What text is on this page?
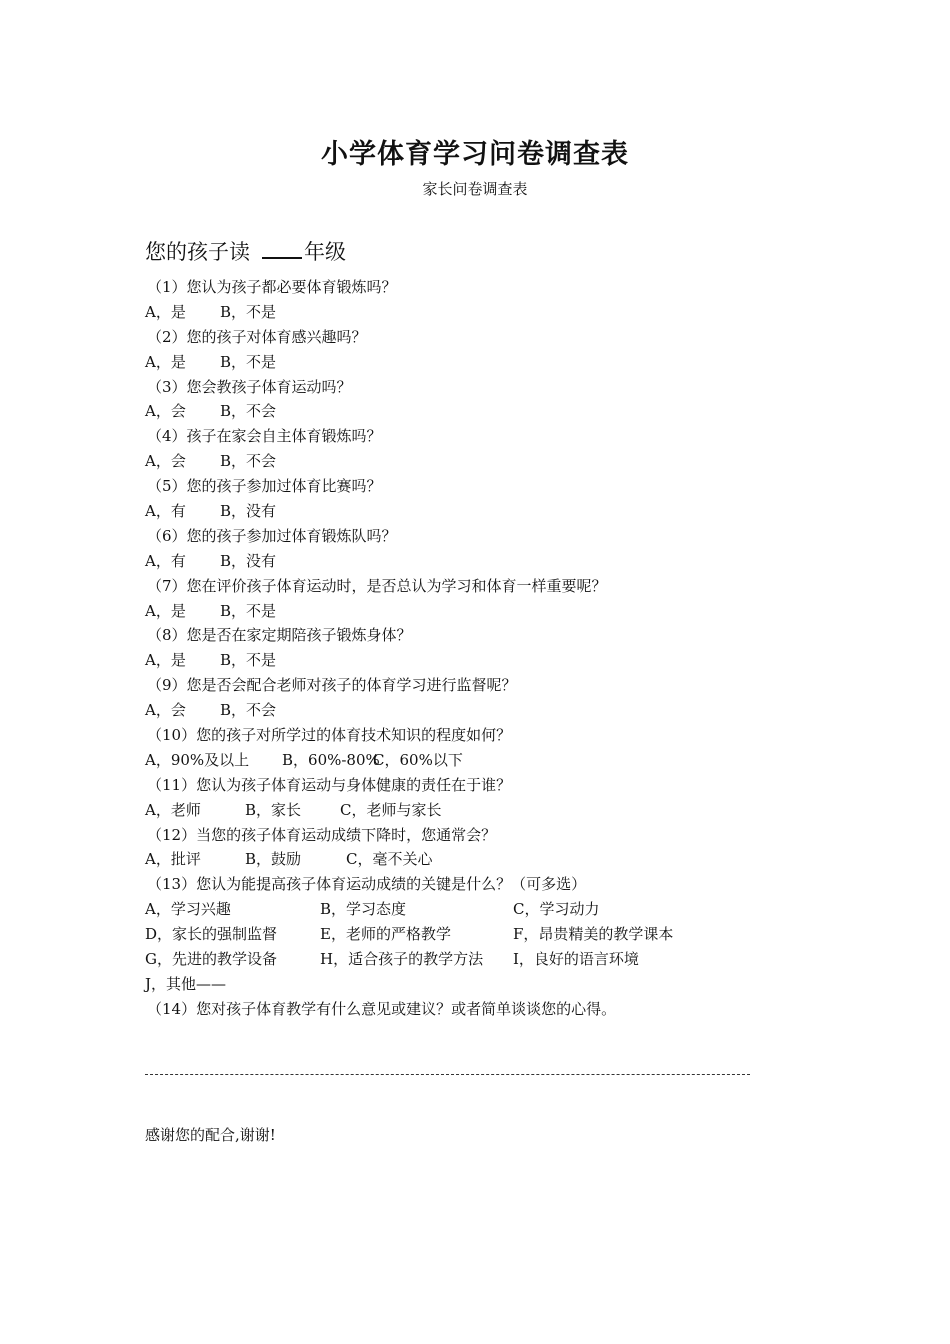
小学体育学习问卷调查表
家长问卷调查表
您的孩子读	年级
（1）您认为孩子都必要体育锻炼吗？
A，是 B，不是
（2）您的孩子对体育感兴趣吗？
A，是 B，不是
（3）您会教孩子体育运动吗？
A，会 B，不会
（4）孩子在家会自主体育锻炼吗？
A，会 B，不会
（5）您的孩子参加过体育比赛吗？
A，有 B，没有
（6）您的孩子参加过体育锻炼队吗？
A，有 B，没有
（7）您在评价孩子体育运动时，是否总认为学习和体育一样重要呢？
A，是 B，不是
（8）您是否在家定期陪孩子锻炼身体？
A，是 B，不是
（9）您是否会配合老师对孩子的体育学习进行监督呢？
A，会 B，不会
（10）您的孩子对所学过的体育技术知识的程度如何？
A，90%及以上 B，60%-80%
C，60%以下
（11）您认为孩子体育运动与身体健康的责任在于谁？
A，老师	B，家长	C，老师与家长
（12）当您的孩子体育运动成绩下降时，您通常会？
A，批评	B，鼓励	C，毫不关心
（13）您认为能提高孩子体育运动成绩的关键是什么？（可多选）
A，学习兴趣	B，学习态度	C，学习动力
D，家长的强制监督	E，老师的严格教学	F，昂贵精美的教学课本
G，先进的教学设备	H，适合孩子的教学方法 I，良好的语言环境
J，其他——
（14）您对孩子体育教学有什么意见或建议？或者简单谈谈您的心得。
感谢您的配合,谢谢!
